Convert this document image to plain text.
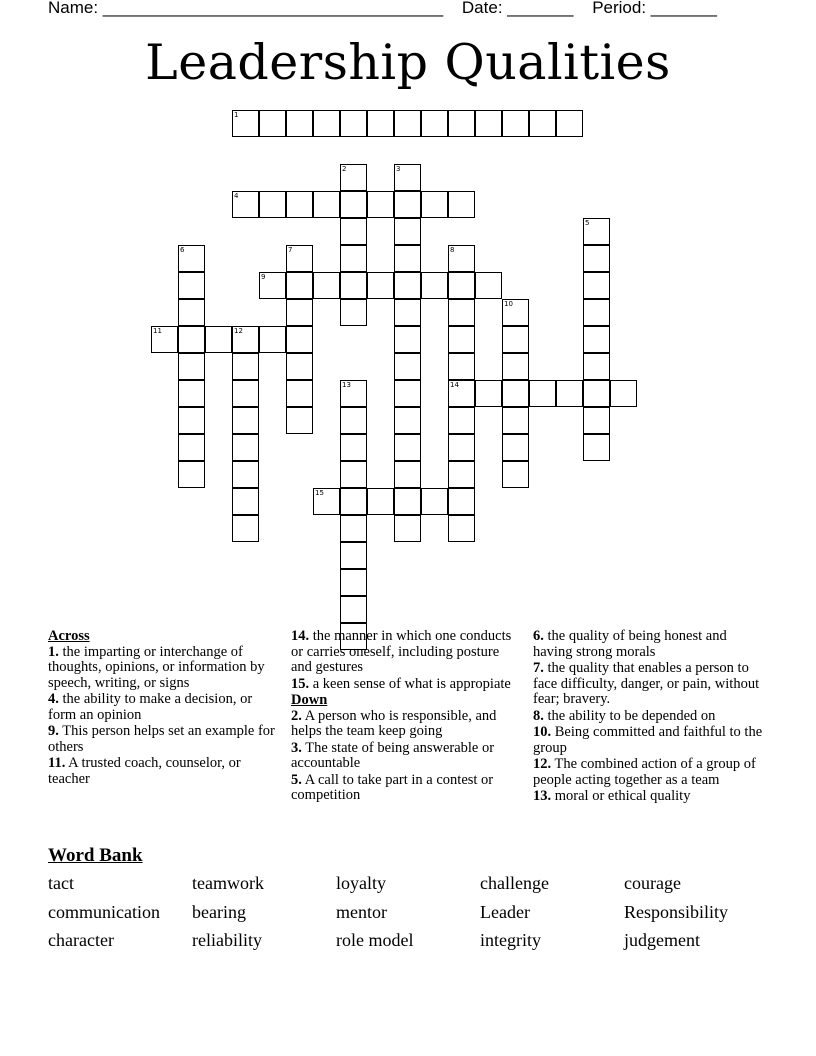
Name: ____________________________________ Date: _______ Period: _______
Leadership Qualities
1
2	3
4
5
6	7	8
14
9
10
11	12
13
15
Across
1. the imparting or interchange of thoughts, opinions, or information by speech, writing, or signs
4. the ability to make a decision, or form an opinion
9. This person helps set an example for others
11. A trusted coach, counselor, or teacher
14. the manner in which one conducts or carries oneself, including posture and gestures
15. a keen sense of what is appropiate
Down
2. A person who is responsible, and helps the team keep going
3. The state of being answerable or accountable
5. A call to take part in a contest or competition
6. the quality of being honest and having strong morals
7. the quality that enables a person to face difficulty, danger, or pain, without fear; bravery.
8. the ability to be depended on
10. Being committed and faithful to the group
12. The combined action of a group of people acting together as a team
13. moral or ethical quality
Word Bank
tact	teamwork	loyalty	challenge	courage
communication bearing	mentor	Leader	Responsibility
character	reliability	role model	integrity	judgement
